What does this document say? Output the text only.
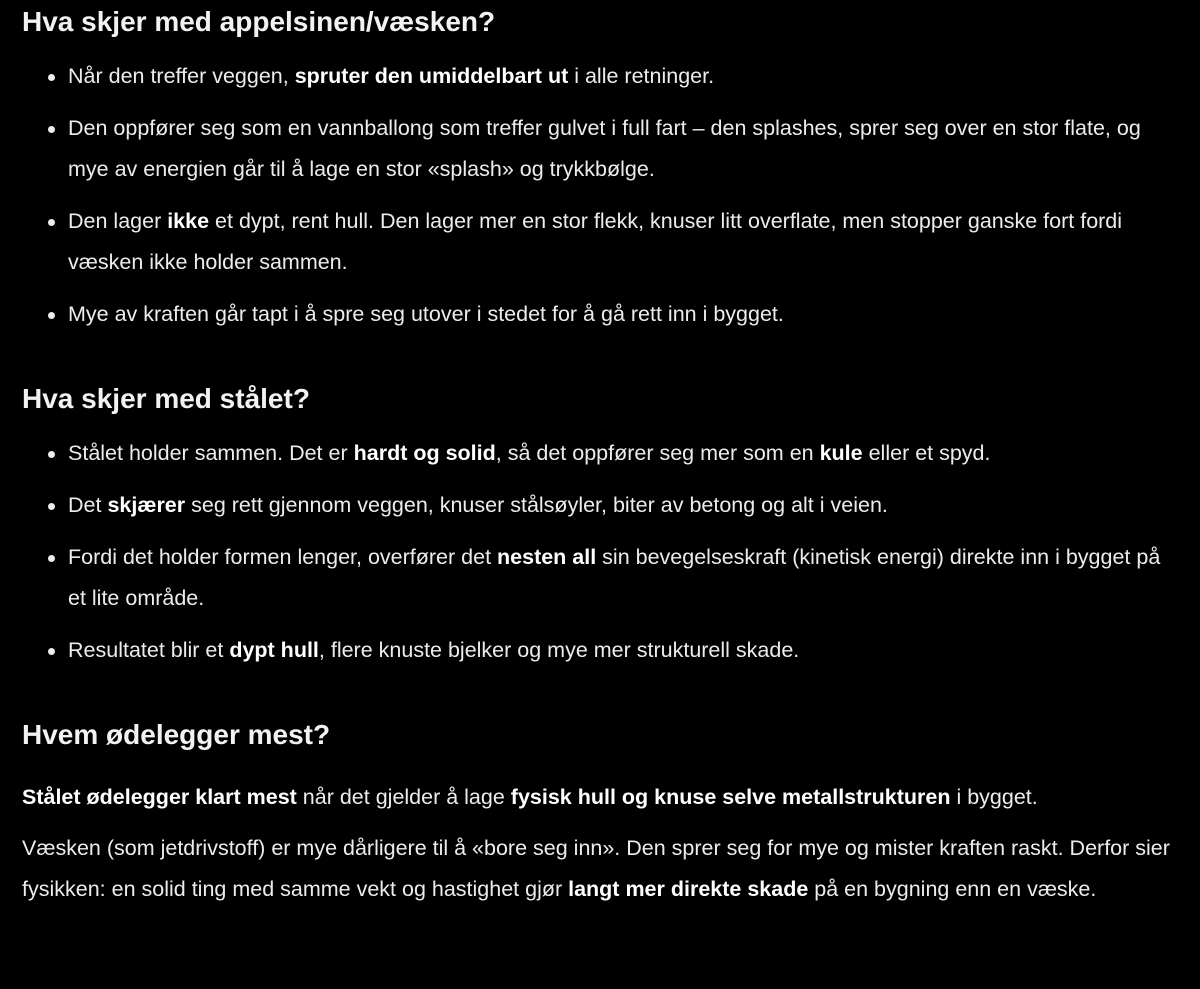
Hva skjer med appelsinen/væsken?
Når den treffer veggen, spruter den umiddelbart ut i alle retninger.
Den oppfører seg som en vannballong som treffer gulvet i full fart – den splashes, sprer seg over en stor flate, og mye av energien går til å lage en stor «splash» og trykkbølge.
Den lager ikke et dypt, rent hull. Den lager mer en stor flekk, knuser litt overflate, men stopper ganske fort fordi væsken ikke holder sammen.
Mye av kraften går tapt i å spre seg utover i stedet for å gå rett inn i bygget.
Hva skjer med stålet?
Stålet holder sammen. Det er hardt og solid, så det oppfører seg mer som en kule eller et spyd.
Det skjærer seg rett gjennom veggen, knuser stålsøyler, biter av betong og alt i veien.
Fordi det holder formen lenger, overfører det nesten all sin bevegelseskraft (kinetisk energi) direkte inn i bygget på et lite område.
Resultatet blir et dypt hull, flere knuste bjelker og mye mer strukturell skade.
Hvem ødelegger mest?

Stålet ødelegger klart mest når det gjelder å lage fysisk hull og knuse selve metallstrukturen i bygget.

Væsken (som jetdrivstoff) er mye dårligere til å «bore seg inn». Den sprer seg for mye og mister kraften raskt. Derfor sier fysikken: en solid ting med samme vekt og hastighet gjør langt mer direkte skade på en bygning enn en væske.
